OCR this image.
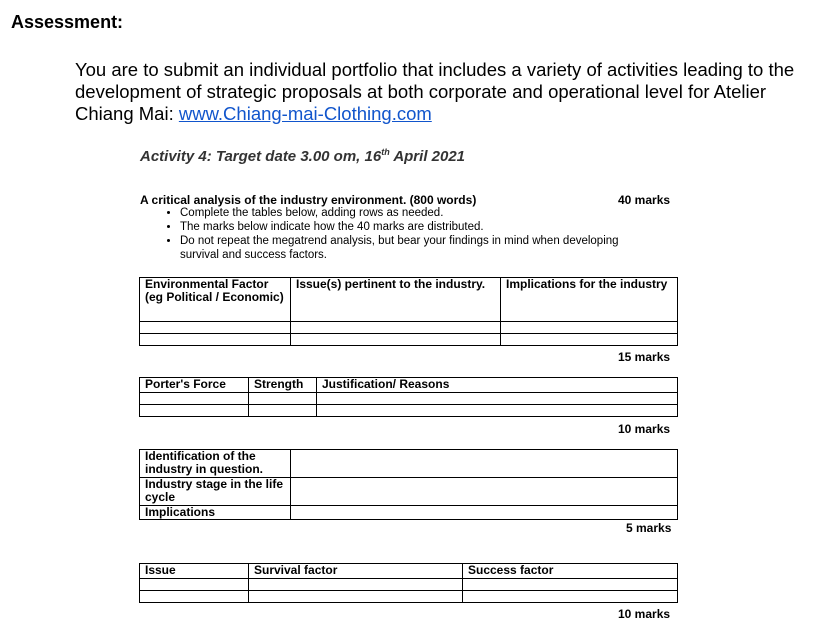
Assessment:
You are to submit an individual portfolio that includes a variety of activities leading to the development of strategic proposals at both corporate and operational level for Atelier Chiang Mai: www.Chiang-mai-Clothing.com
Activity 4: Target date 3.00 om, 16th April 2021
A critical analysis of the industry environment. (800 words)	40 marks
• Complete the tables below, adding rows as needed.
• The marks below indicate how the 40 marks are distributed.
• Do not repeat the megatrend analysis, but bear your findings in mind when developing survival and success factors.
Environmental Factor (eg Political / Economic)	Issue(s) pertinent to the industry.	Implications for the industry

15 marks
Porter's Force	Strength	Justification/ Reasons

10 marks
Identification of the industry in question.	
Industry stage in the life cycle	
Implications	
5 marks
Issue	Survival factor	Success factor

10 marks
